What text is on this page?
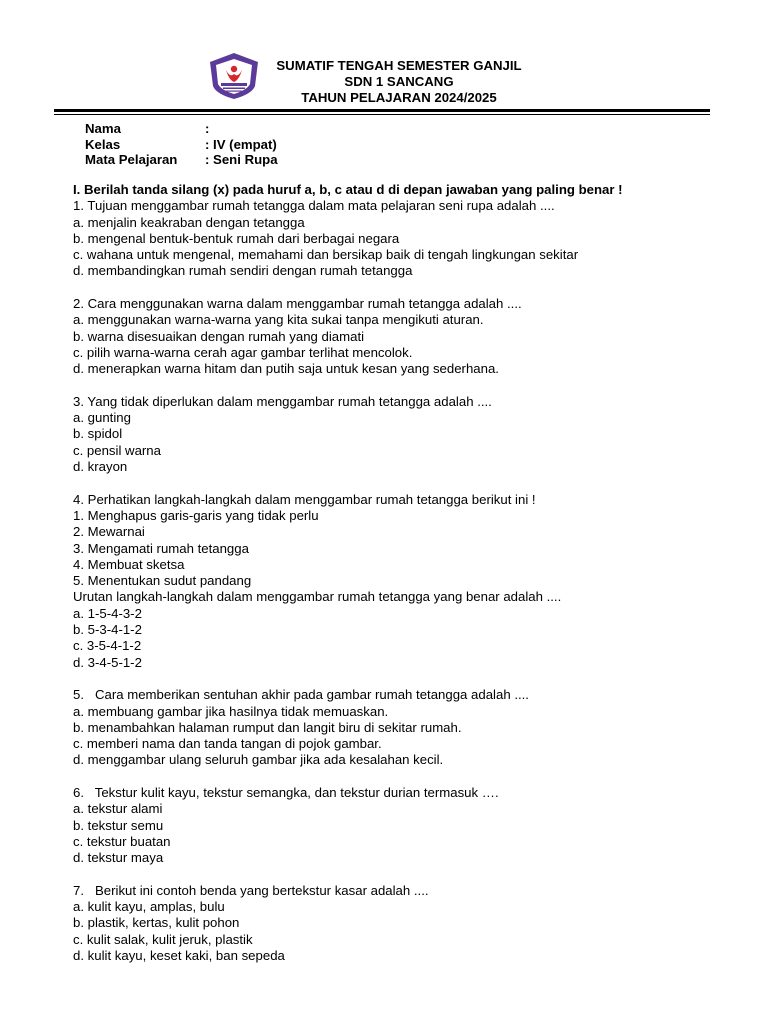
SUMATIF TENGAH SEMESTER GANJIL
SDN 1 SANCANG
TAHUN PELAJARAN 2024/2025
Nama	:
Kelas	: IV (empat)
Mata Pelajaran	: Seni Rupa
I. Berilah tanda silang (x) pada huruf a, b, c atau d di depan jawaban yang paling benar !
1. Tujuan menggambar rumah tetangga dalam mata pelajaran seni rupa adalah ....
a. menjalin keakraban dengan tetangga
b. mengenal bentuk-bentuk rumah dari berbagai negara
c. wahana untuk mengenal, memahami dan bersikap baik di tengah lingkungan sekitar
d. membandingkan rumah sendiri dengan rumah tetangga
2. Cara menggunakan warna dalam menggambar rumah tetangga adalah ....
a. menggunakan warna-warna yang kita sukai tanpa mengikuti aturan.
b. warna disesuaikan dengan rumah yang diamati
c. pilih warna-warna cerah agar gambar terlihat mencolok.
d. menerapkan warna hitam dan putih saja untuk kesan yang sederhana.
3. Yang tidak diperlukan dalam menggambar rumah tetangga adalah ....
a. gunting
b. spidol
c. pensil warna
d. krayon
4. Perhatikan langkah-langkah dalam menggambar rumah tetangga berikut ini !
1. Menghapus garis-garis yang tidak perlu
2. Mewarnai
3. Mengamati rumah tetangga
4. Membuat sketsa
5. Menentukan sudut pandang
Urutan langkah-langkah dalam menggambar rumah tetangga yang benar adalah ....
a. 1-5-4-3-2
b. 5-3-4-1-2
c. 3-5-4-1-2
d. 3-4-5-1-2
5.   Cara memberikan sentuhan akhir pada gambar rumah tetangga adalah ....
a. membuang gambar jika hasilnya tidak memuaskan.
b. menambahkan halaman rumput dan langit biru di sekitar rumah.
c. memberi nama dan tanda tangan di pojok gambar.
d. menggambar ulang seluruh gambar jika ada kesalahan kecil.
6.   Tekstur kulit kayu, tekstur semangka, dan tekstur durian termasuk ….
a. tekstur alami
b. tekstur semu
c. tekstur buatan
d. tekstur maya
7.   Berikut ini contoh benda yang bertekstur kasar adalah ....
a. kulit kayu, amplas, bulu
b. plastik, kertas, kulit pohon
c. kulit salak, kulit jeruk, plastik
d. kulit kayu, keset kaki, ban sepeda
